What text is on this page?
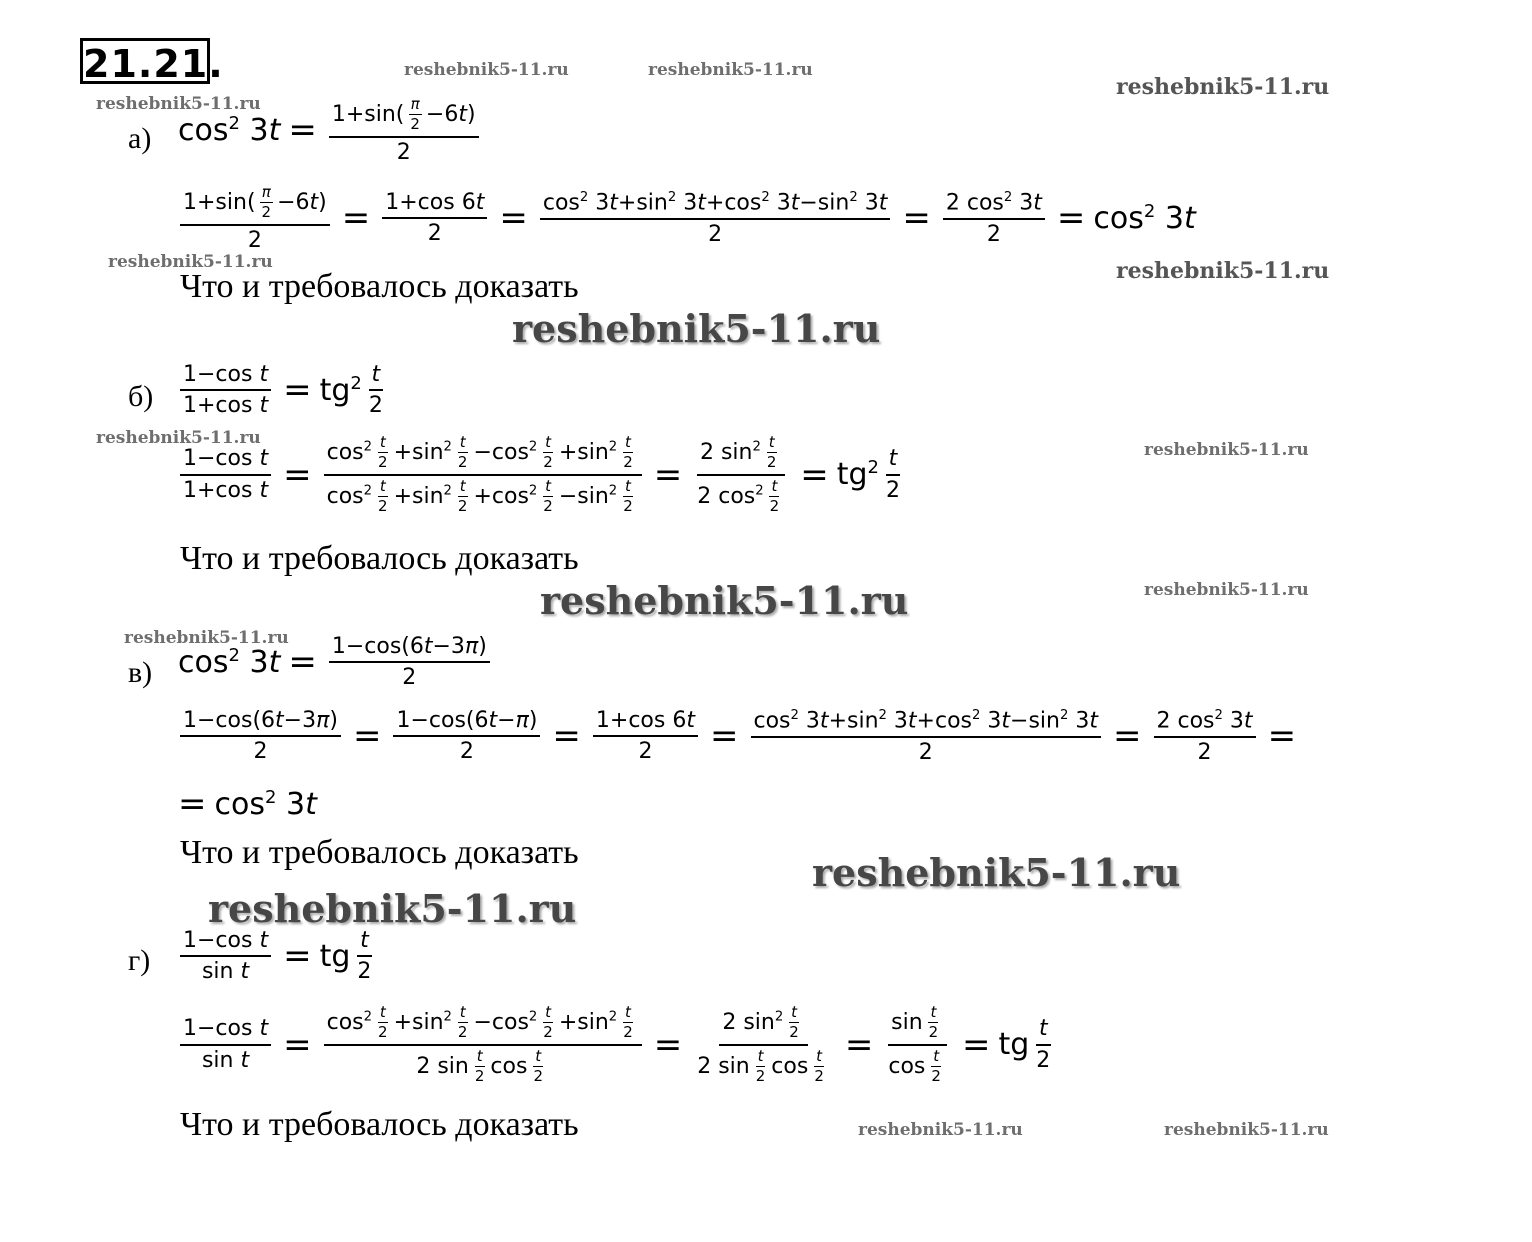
21.21.	reshebnik5-11.ru	reshebnik5-11.ru
reshebnik5-11.ru
reshebnik5-11.ru
reshebnik5-11.ru	reshebnik5-11.ru
reshebnik5-11.ru
reshebnik5-11.ru
reshebnik5-11.ru
reshebnik5-11.ru	reshebnik5-11.ru
reshebnik5-11.ru
reshebnik5-11.ru
reshebnik5-11.ru
reshebnik5-11.ru	reshebnik5-11.ru
а) $\cos^2 3t = \frac{1+\sin( \frac{\pi}{2} -6t)}{2}$
$\frac{1+\sin( \frac{\pi}{2} -6t)}{2} = \frac{1+\cos 6t}{2} = \frac{\cos^2 3t+\sin^2 3t+\cos^2 3t-\sin^2 3t}{2} = \frac{2 \cos^2 3t}{2} = \cos^2 3t$
Что и требовалось доказать
$б) \frac{\text{1−cos t}}{\text{1+cos t}} = tg^2 \frac{t}{2}$
$\frac{\text{1−cos t}}{\text{1+cos t}} = \frac{\cos^2 \frac{t}{2} +\sin^2 \frac{t}{2} -\cos^2 \frac{t}{2} +\sin^2 \frac{t}{2}}{\cos^2 \frac{t}{2} +\sin^2 \frac{t}{2} +\cos^2 \frac{t}{2} -\sin^2 \frac{t}{2}} = \frac{2 \sin^2 \frac{t}{2}}{2 \cos^2 \frac{t}{2}} = tg^2 \frac{t}{2}$
Что и требовалось доказать
в) $\cos^2 3t = \frac{1-\cos(6t-3\pi)}{2}$
$\frac{1-\cos(6t-3\pi)}{2} = \frac{1-\cos(6t-\pi)}{2} = \frac{1+\cos 6t}{2} = \frac{\cos^2 3t+\sin^2 3t+\cos^2 3t-\sin^2 3t}{2} = \frac{2 \cos^2 3t}{2}$ =
= $\cos^2 3t$
Что и требовалось доказать
$г) \frac{\text{1−cos t}}{\text{sin t}}$ = tg $\frac{t}{2}$
$\frac{\text{1−cos t}}{\text{sin t}} = \frac{\cos^2 \frac{t}{2} +\sin^2 \frac{t}{2} -\cos^2 \frac{t}{2} +\sin^2 \frac{t}{2}}{2 \sin \frac{t}{2} \cos \frac{t}{2}} = \frac{2 \sin^2 \frac{t}{2}}{2 \sin \frac{t}{2} \cos \frac{t}{2}} = \frac{\sin \frac{t}{2}}{\cos \frac{t}{2}}$ = tg $\frac{t}{2}$
Что и требовалось доказать
